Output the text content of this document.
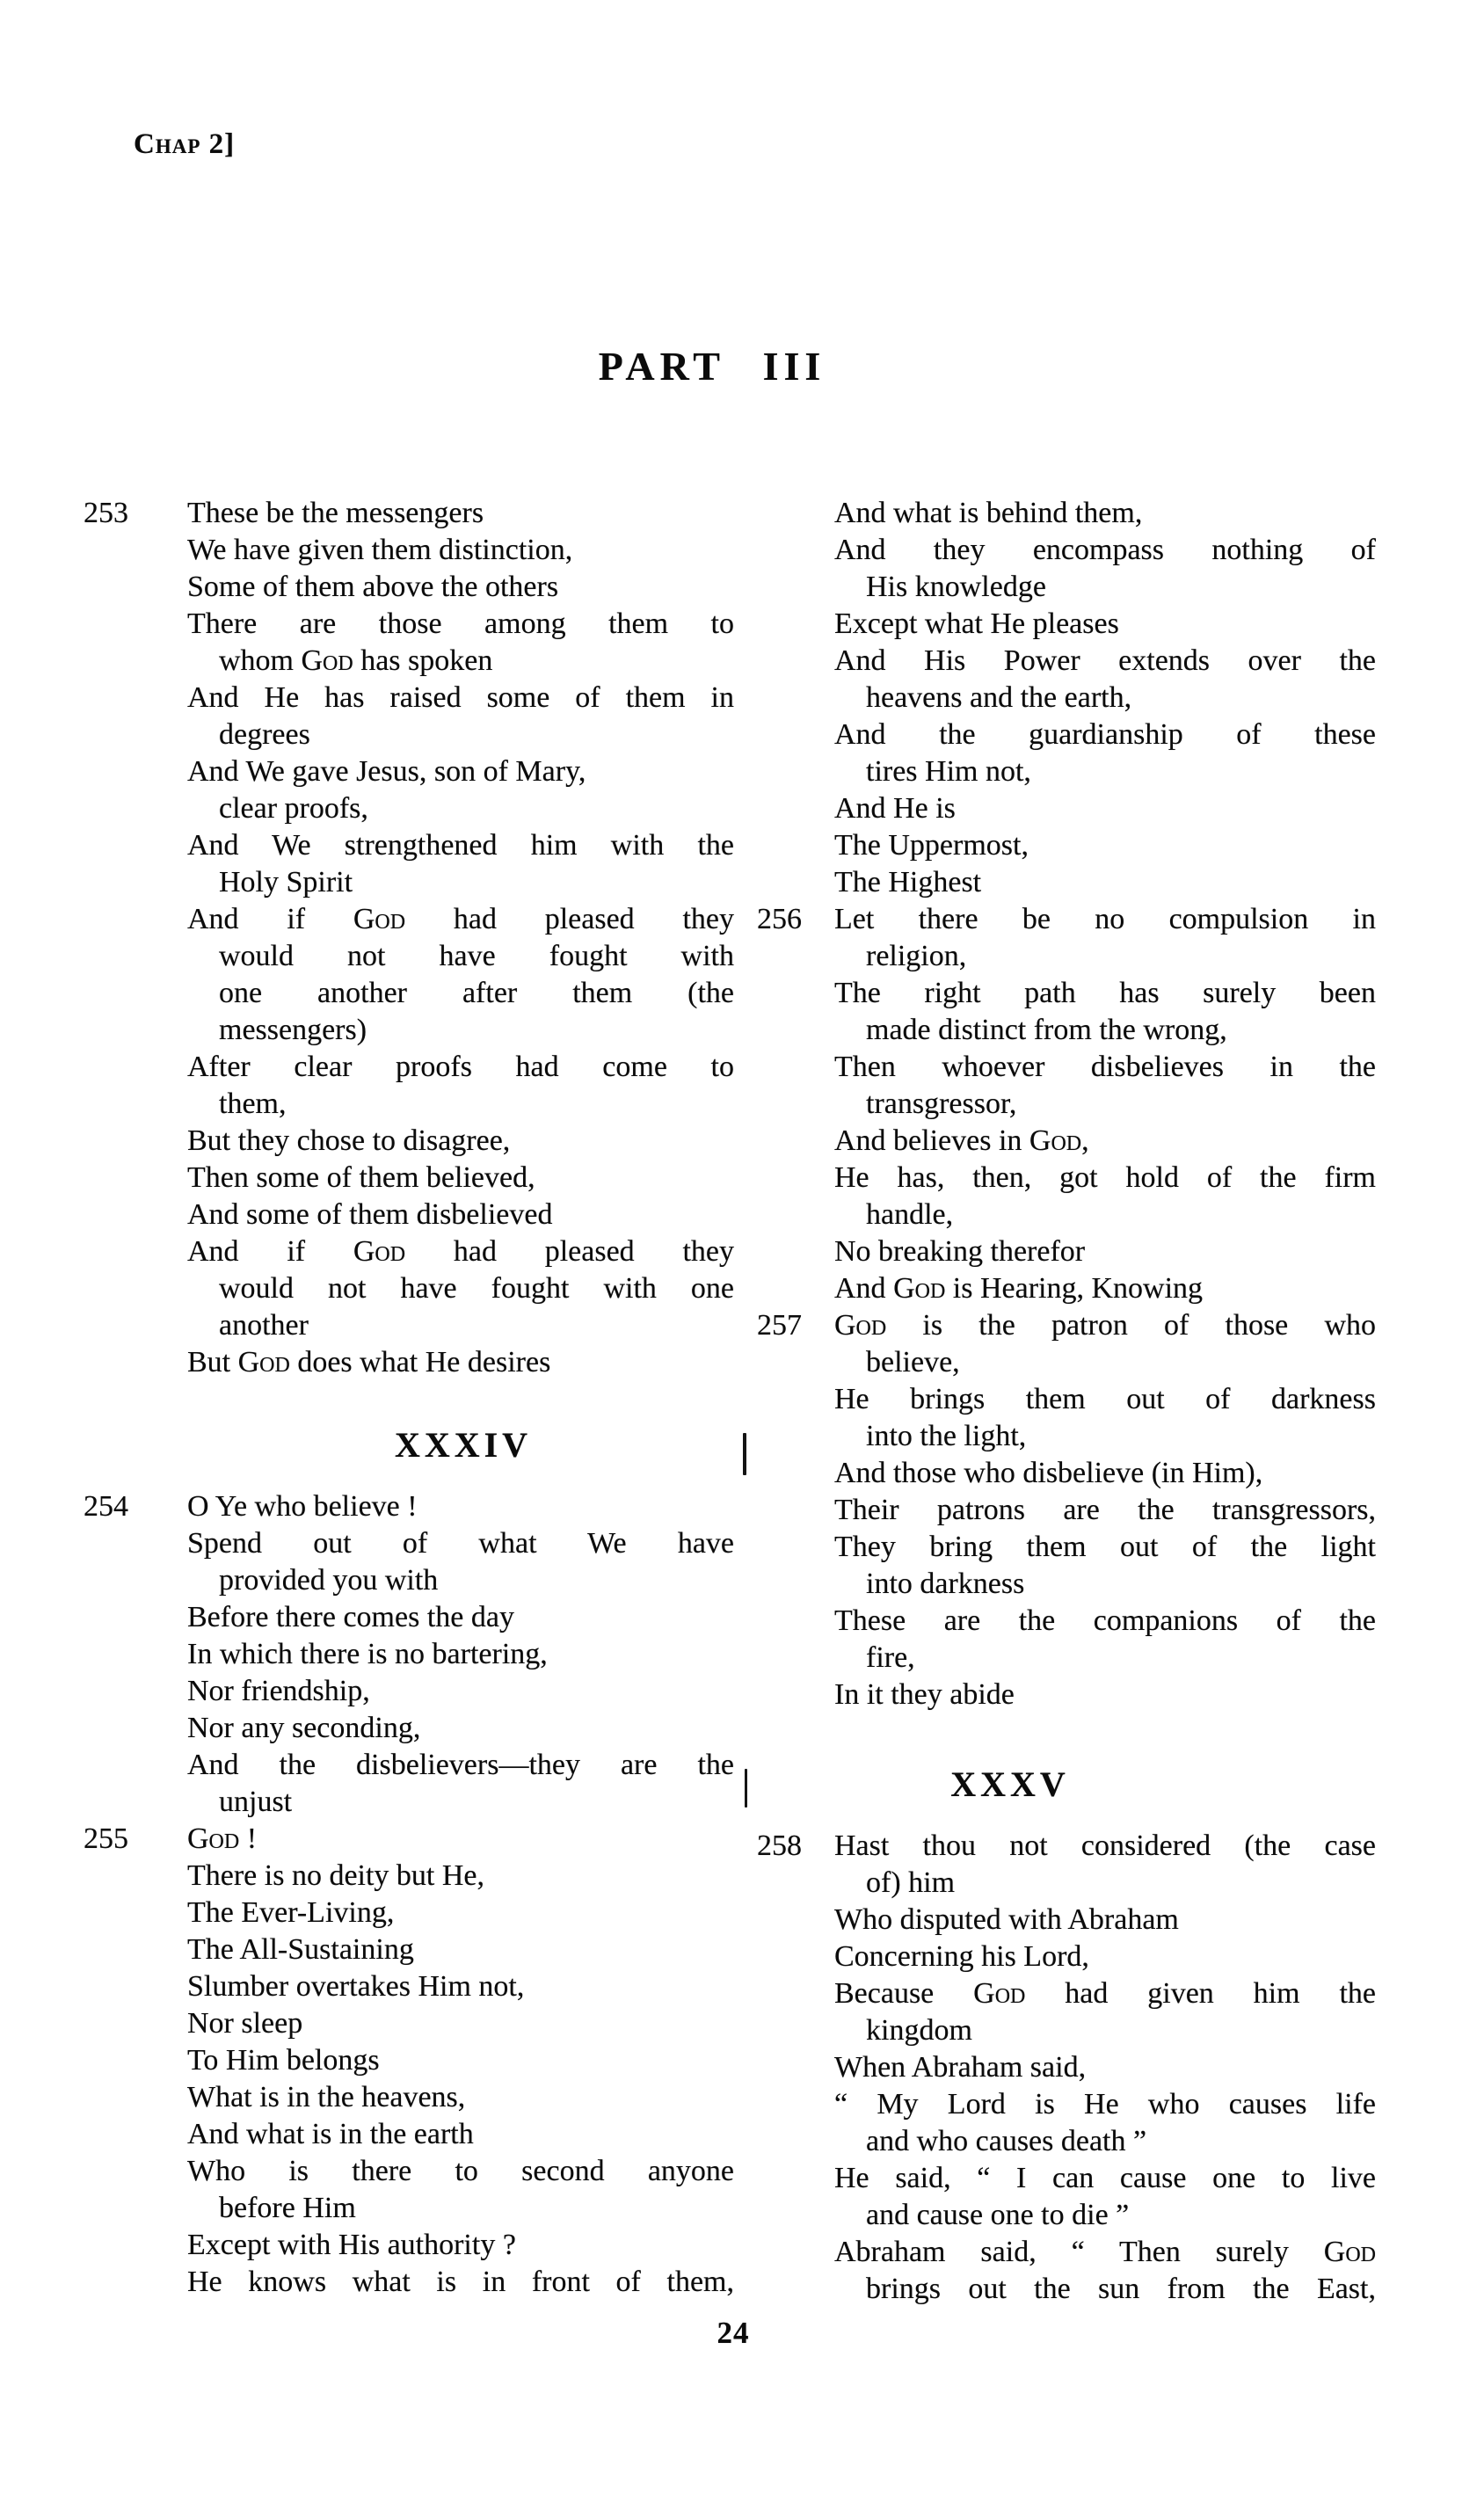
Chap 2]
PART III
253	These be the messengers
We have given them distinction,
Some of them above the others
There are those among them to
whom God has spoken
And He has raised some of them in
degrees
And We gave Jesus, son of Mary,
clear proofs,
And We strengthened him with the
Holy Spirit
And if God had pleased they
would not have fought with
one another after them (the
messengers)
After clear proofs had come to
them,
But they chose to disagree,
Then some of them believed,
And some of them disbelieved
And if God had pleased they
would not have fought with one
another
But God does what He desires
XXXIV
254	O Ye who believe !
Spend out of what We have
provided you with
Before there comes the day
In which there is no bartering,
Nor friendship,
Nor any seconding,
And the disbelievers—they are the
unjust
255	God !
There is no deity but He,
The Ever-Living,
The All-Sustaining
Slumber overtakes Him not,
Nor sleep
To Him belongs
What is in the heavens,
And what is in the earth
Who is there to second anyone
before Him
Except with His authority ?
He knows what is in front of them,
And what is behind them,
And they encompass nothing of
His knowledge
Except what He pleases
And His Power extends over the
heavens and the earth,
And the guardianship of these
tires Him not,
And He is
The Uppermost,
The Highest
256	Let there be no compulsion in
religion,
The right path has surely been
made distinct from the wrong,
Then whoever disbelieves in the
transgressor,
And believes in God,
He has, then, got hold of the firm
handle,
No breaking therefor
And God is Hearing, Knowing
257	God is the patron of those who
believe,
He brings them out of darkness
into the light,
And those who disbelieve (in Him),
Their patrons are the transgressors,
They bring them out of the light
into darkness
These are the companions of the
fire,
In it they abide
XXXV
258	Hast thou not considered (the case
of) him
Who disputed with Abraham
Concerning his Lord,
Because God had given him the
kingdom
When Abraham said,
“ My Lord is He who causes life
and who causes death ”
He said, “ I can cause one to live
and cause one to die ”
Abraham said, “ Then surely God
brings out the sun from the East,
24
